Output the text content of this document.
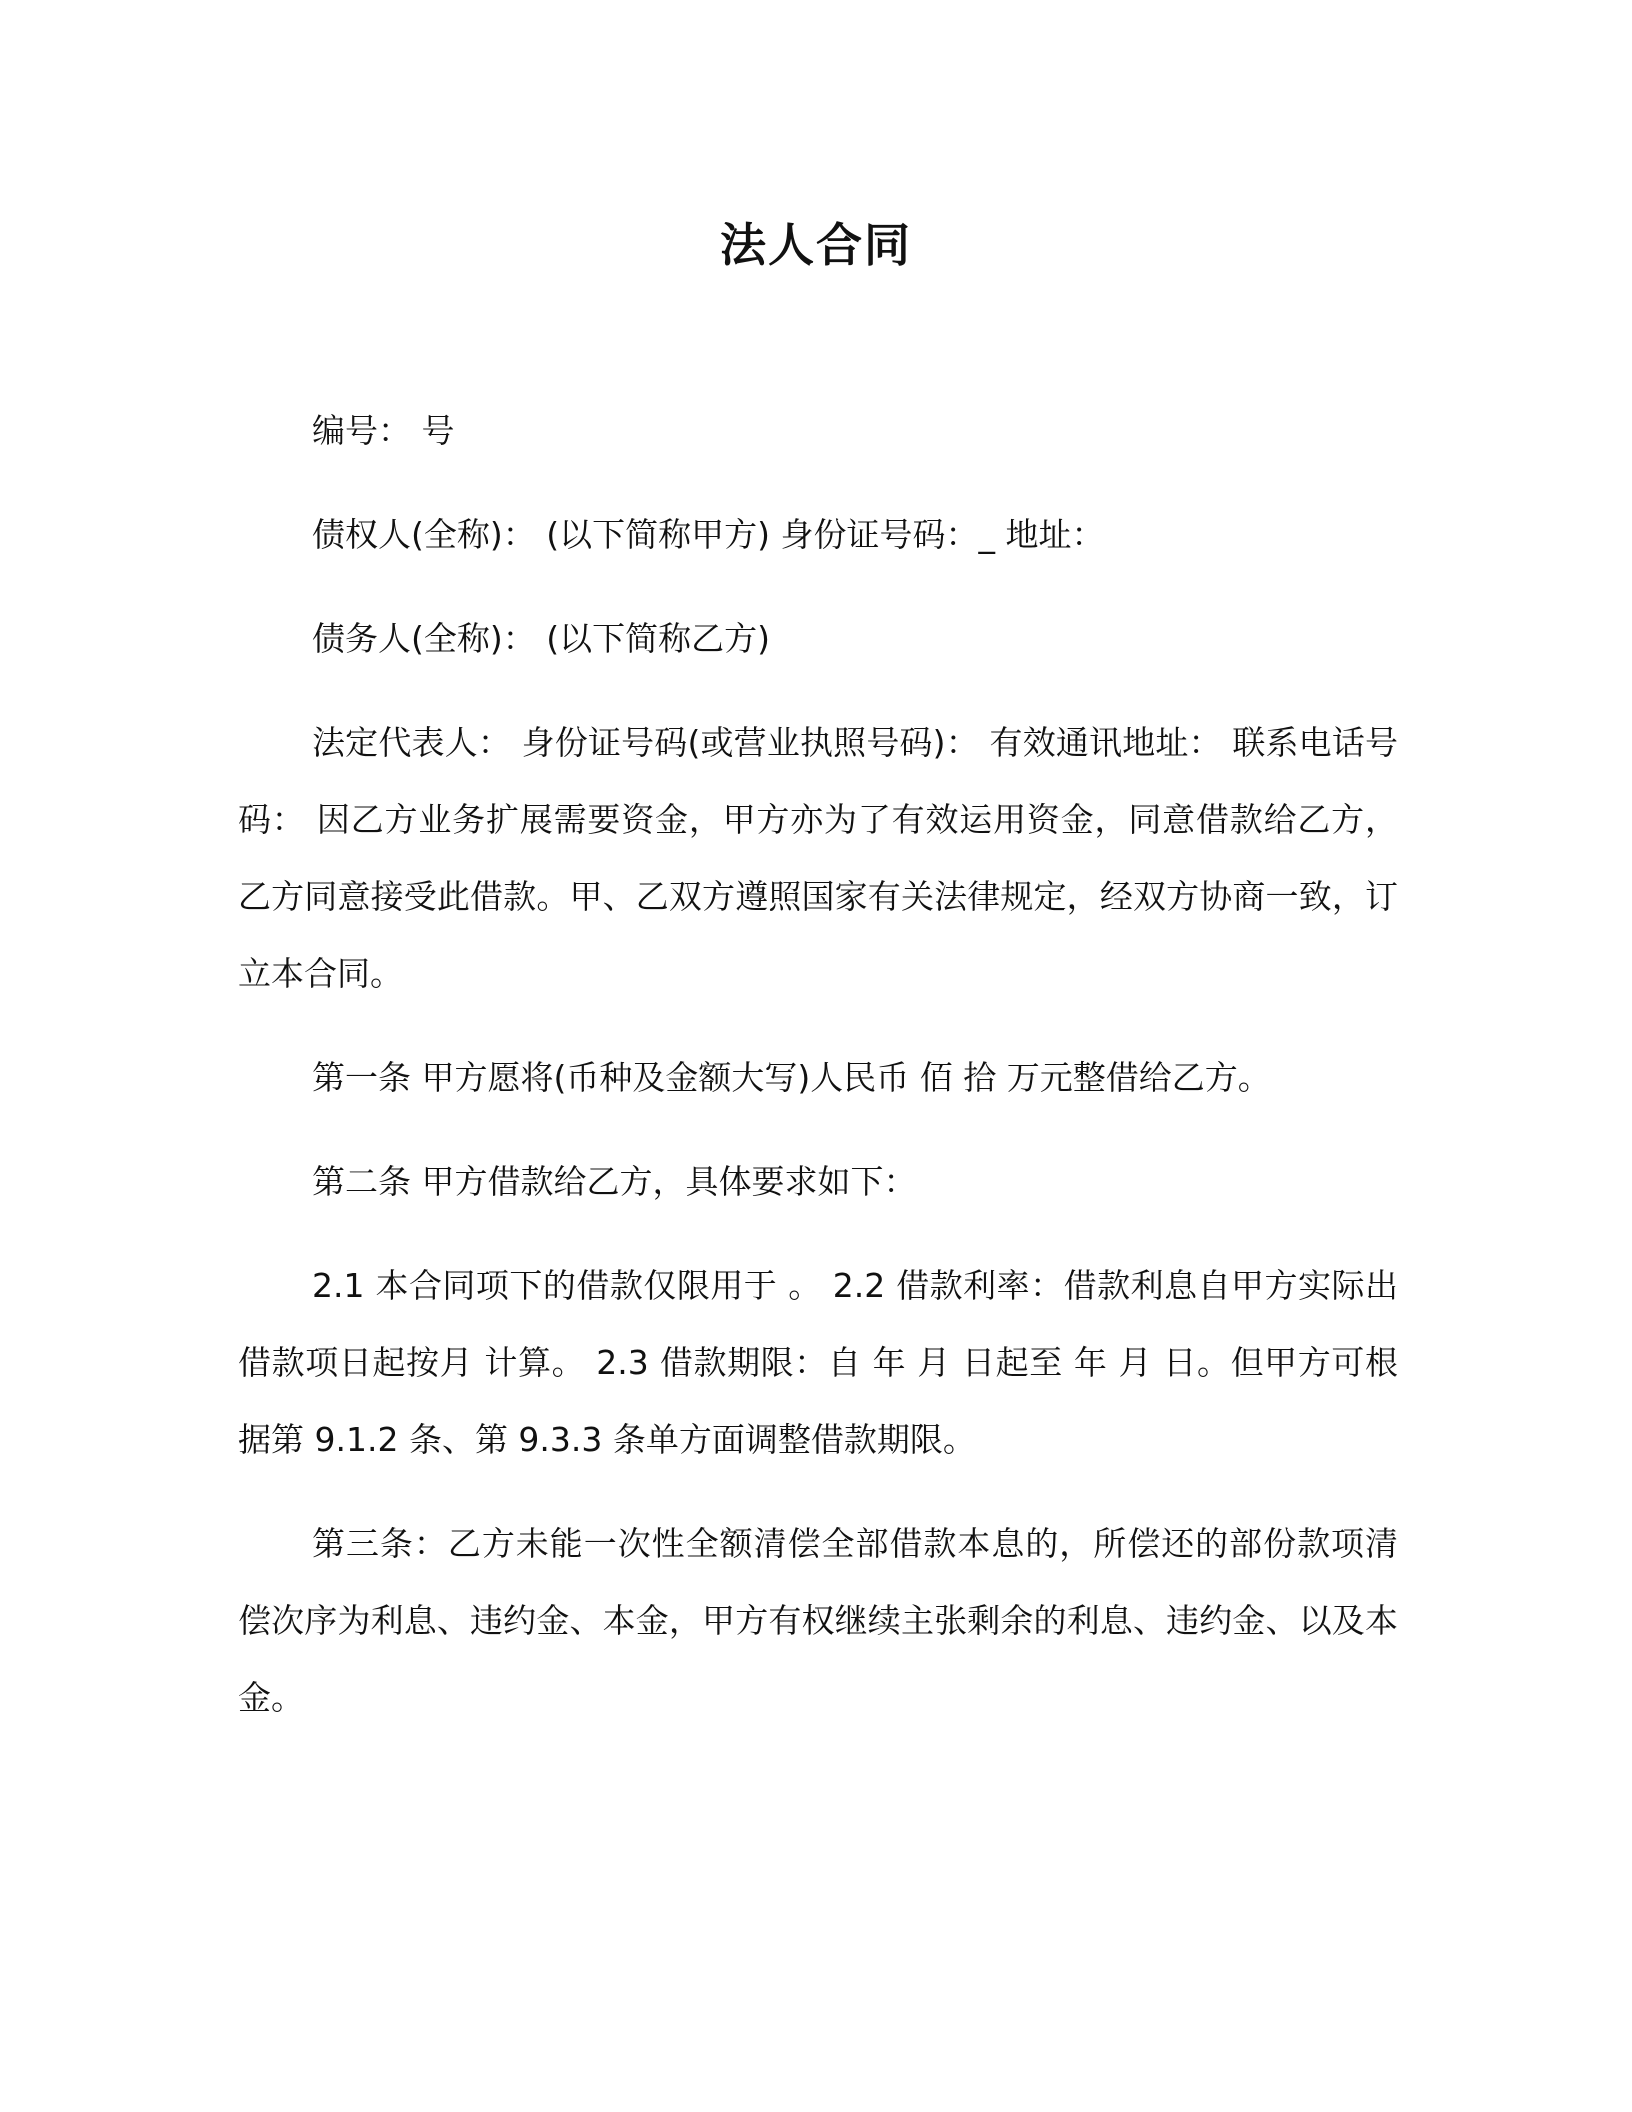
法人合同

编号： 号

债权人(全称)： (以下简称甲方) 身份证号码：_ 地址：

债务人(全称)： (以下简称乙方)

法定代表人： 身份证号码(或营业执照号码)： 有效通讯地址： 联系电话号码： 因乙方业务扩展需要资金，甲方亦为了有效运用资金，同意借款给乙方，乙方同意接受此借款。甲、乙双方遵照国家有关法律规定，经双方协商一致，订立本合同。

第一条 甲方愿将(币种及金额大写)人民币 佰 拾 万元整借给乙方。

第二条 甲方借款给乙方，具体要求如下：

2.1 本合同项下的借款仅限用于 。 2.2 借款利率：借款利息自甲方实际出借款项日起按月 计算。 2.3 借款期限：自 年 月 日起至 年 月 日。但甲方可根据第 9.1.2 条、第 9.3.3 条单方面调整借款期限。

第三条：乙方未能一次性全额清偿全部借款本息的，所偿还的部份款项清偿次序为利息、违约金、本金，甲方有权继续主张剩余的利息、违约金、以及本金。
